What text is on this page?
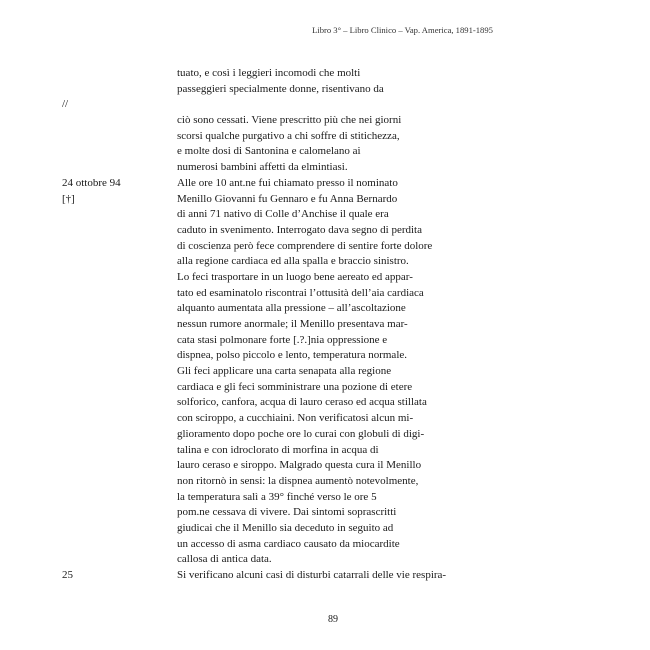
Libro 3° – Libro Clinico – Vap. America, 1891-1895
//
24 ottobre 94
[†]
25
tuato, e così i leggieri incomodi che molti
passeggieri specialmente donne, risentivano da
ciò sono cessati. Viene prescritto più che nei giorni
scorsi qualche purgativo a chi soffre di stitichezza,
e molte dosi di Santonina e calomelano ai
numerosi bambini affetti da elmintiasi.
Alle ore 10 ant.ne fui chiamato presso il nominato
Menillo Giovanni fu Gennaro e fu Anna Bernardo
di anni 71 nativo di Colle d’Anchise il quale era
caduto in svenimento. Interrogato dava segno di perdita
di coscienza però fece comprendere di sentire forte dolore
alla regione cardiaca ed alla spalla e braccio sinistro.
Lo feci trasportare in un luogo bene aereato ed appar-
tato ed esaminatolo riscontrai l’ottusità dell’aia cardiaca
alquanto aumentata alla pressione – all’ascoltazione
nessun rumore anormale; il Menillo presentava mar-
cata stasi polmonare forte [.?.]nia oppressione e
dispnea, polso piccolo e lento, temperatura normale.
Gli feci applicare una carta senapata alla regione
cardiaca e gli feci somministrare una pozione di etere
solforico, canfora, acqua di lauro ceraso ed acqua stillata
con sciroppo, a cucchiaini. Non verificatosi alcun mi-
glioramento dopo poche ore lo curai con globuli di digi-
talina e con idroclorato di morfina in acqua di
lauro ceraso e siroppo. Malgrado questa cura il Menillo
non ritornò in sensi: la dispnea aumentò notevolmente,
la temperatura salì a 39° finché verso le ore 5
pom.ne cessava di vivere. Dai sintomi soprascritti
giudicai che il Menillo sia deceduto in seguito ad
un accesso di asma cardiaco causato da miocardite
callosa di antica data.
Si verificano alcuni casi di disturbi catarrali delle vie respira-
89
